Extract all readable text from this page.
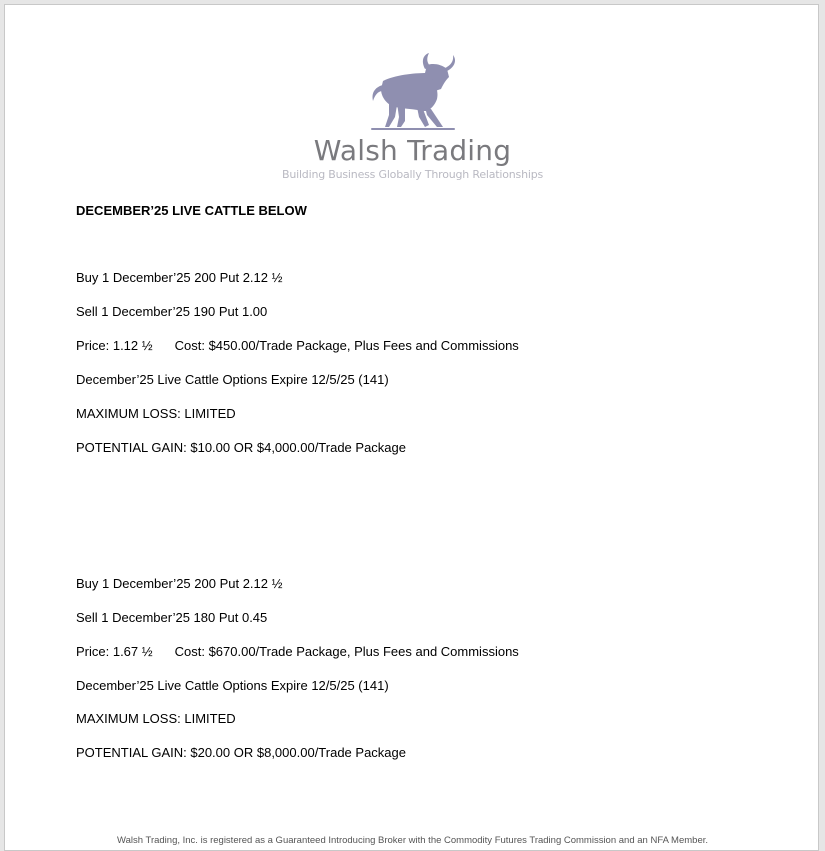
Walsh Trading
Building Business Globally Through Relationships
DECEMBER’25 LIVE CATTLE BELOW
Buy 1 December’25 200 Put 2.12 ½
Sell 1 December’25 190 Put 1.00
Price: 1.12 ½ Cost: $450.00/Trade Package, Plus Fees and Commissions
December’25 Live Cattle Options Expire 12/5/25 (141)
MAXIMUM LOSS: LIMITED
POTENTIAL GAIN: $10.00 OR $4,000.00/Trade Package
Buy 1 December’25 200 Put 2.12 ½
Sell 1 December’25 180 Put 0.45
Price: 1.67 ½ Cost: $670.00/Trade Package, Plus Fees and Commissions
December’25 Live Cattle Options Expire 12/5/25 (141)
MAXIMUM LOSS: LIMITED
POTENTIAL GAIN: $20.00 OR $8,000.00/Trade Package
Walsh Trading, Inc. is registered as a Guaranteed Introducing Broker with the Commodity Futures Trading Commission and an NFA Member.
